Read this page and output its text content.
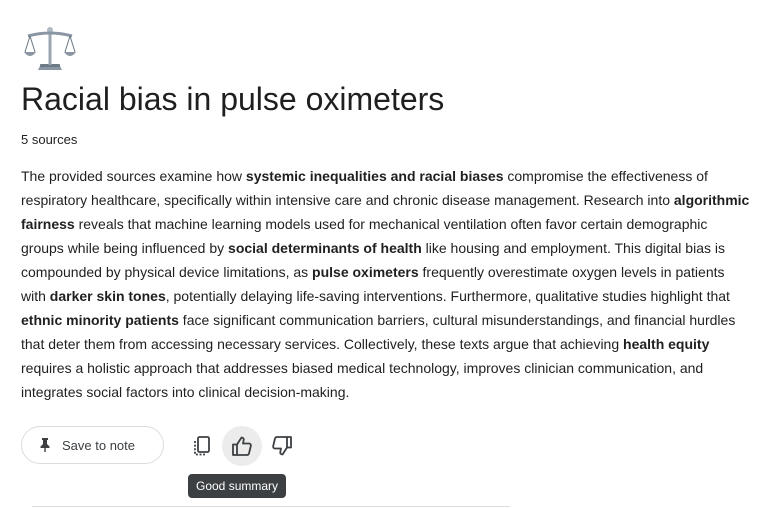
Racial bias in pulse oximeters
5 sources

The provided sources examine how systemic inequalities and racial biases compromise the effectiveness of respiratory healthcare, specifically within intensive care and chronic disease management. Research into algorithmic fairness reveals that machine learning models used for mechanical ventilation often favor certain demographic groups while being influenced by social determinants of health like housing and employment. This digital bias is compounded by physical device limitations, as pulse oximeters frequently overestimate oxygen levels in patients with darker skin tones, potentially delaying life-saving interventions. Furthermore, qualitative studies highlight that ethnic minority patients face significant communication barriers, cultural misunderstandings, and financial hurdles that deter them from accessing necessary services. Collectively, these texts argue that achieving health equity requires a holistic approach that addresses biased medical technology, improves clinician communication, and integrates social factors into clinical decision-making.

Save to note
Good summary
